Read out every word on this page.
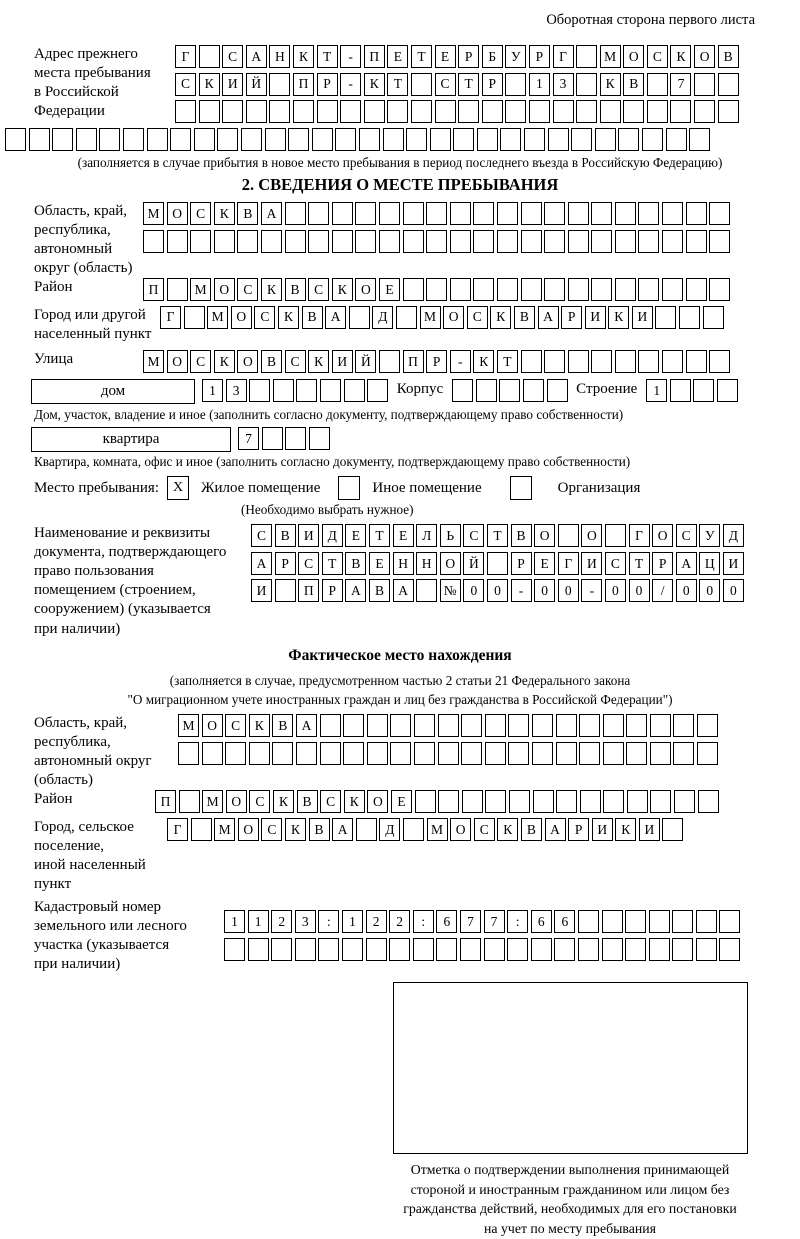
Оборотная сторона первого листа
Адрес прежнего
места пребывания
в Российской
Федерации
Г	С	А	Н	К	Т	-	П	Е	Т	Е	Р	Б	У	Р	Г	М О	С	К	О	В
С	К	И	Й	П	Р	-	К	Т	С	Т	Р	1	3	К	В	7
(заполняется в случае прибытия в новое место пребывания в период последнего въезда в Российскую Федерацию)
2. СВЕДЕНИЯ О МЕСТЕ ПРЕБЫВАНИЯ
Область, край,
республика,
автономный
округ (область)
М О	С	К	В	А
Район	П	М О	С	К	В	С	К	О	Е
Город или другой
населенный пункт
Г	М О	С	К	В	А	Д	М О	С	К	В	А	Р	И	К	И
Улица	М О	С	К	О	В	С	К	И	Й	П	Р	-	К	Т
дом	1	3	Корпус	Строение	1
Дом, участок, владение и иное (заполнить согласно документу, подтверждающему право собственности)
квартира	7
Квартира, комната, офис и иное (заполнить согласно документу, подтверждающему право собственности)
Место пребывания: X	Жилое помещение	Иное помещение	Организация
(Необходимо выбрать нужное)
Наименование и реквизиты
документа, подтверждающего
право пользования
помещением (строением,
сооружением) (указывается
при наличии)
С	В	И	Д	Е	Т	Е	Л	Ь	С	Т	В	О	О	Г	О	С	У	Д
А	Р	С	Т	В	Е	Н	Н	О	Й	Р	Е	Г	И	С	Т	Р	А	Ц	И
И	П	Р	А	В	А	№	0	0	-	0	0	-	0	0	/	0	0	0
Фактическое место нахождения
(заполняется в случае, предусмотренном частью 2 статьи 21 Федерального закона
"О миграционном учете иностранных граждан и лиц без гражданства в Российской Федерации")
Область, край,
республика,
автономный округ
(область)
М О	С	К	В	А
Район	П	М О	С	К	В	С	К	О	Е
Город, сельское поселение,
иной населенный пункт
Г	М О	С	К	В	А	Д	М О	С	К	В	А	Р	И	К	И
Кадастровый номер
земельного или лесного
участка (указывается
при наличии)
1	1	2	3	:	1	2	2	:	6	7	7	:	6	6
Отметка о подтверждении выполнения принимающей
стороной и иностранным гражданином или лицом без
гражданства действий, необходимых для его постановки
на учет по месту пребывания
